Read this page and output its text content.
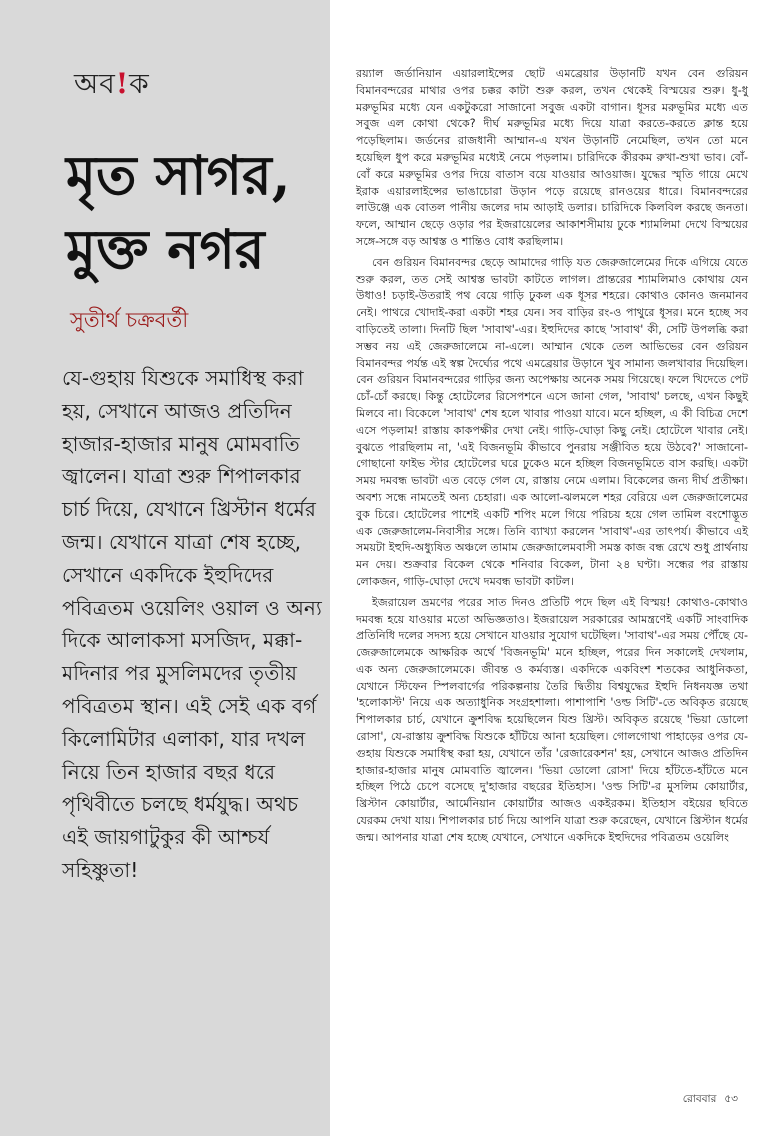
অব!ক
মৃত সাগর,
মুক্ত নগর
সুতীর্থ চক্রবর্তী
যে-গুহায় যিশুকে সমাধিস্থ করা হয়, সেখানে আজও প্রতিদিন হাজার-হাজার মানুষ মোমবাতি জ্বালেন। যাত্রা শুরু শিপালকার চার্চ দিয়ে, যেখানে খ্রিস্টান ধর্মের জন্ম। যেখানে যাত্রা শেষ হচ্ছে, সেখানে একদিকে ইহুদিদের পবিত্রতম ওয়েলিং ওয়াল ও অন্য দিকে আলাকসা মসজিদ, মক্কা-মদিনার পর মুসলিমদের তৃতীয় পবিত্রতম স্থান। এই সেই এক বর্গ কিলোমিটার এলাকা, যার দখল নিয়ে তিন হাজার বছর ধরে পৃথিবীতে চলছে ধর্মযুদ্ধ। অথচ এই জায়গাটুকুর কী আশ্চর্য সহিষ্ণুতা!

রয়্যাল জর্ডানিয়ান এয়ারলাইন্সের ছোট এমব্রেয়ার উড়ানটি যখন বেন গুরিয়ন বিমানবন্দরের মাথার ওপর চক্কর কাটা শুরু করল, তখন থেকেই বিস্ময়ের শুরু। ধু-ধু মরুভূমির মধ্যে যেন একটুকরো সাজানো সবুজ একটা বাগান। ধূসর মরুভূমির মধ্যে এত সবুজ এল কোথা থেকে? দীর্ঘ মরুভূমির মধ্যে দিয়ে যাত্রা করতে-করতে ক্লান্ত হয়ে পড়েছিলাম। জর্ডনের রাজধানী আম্মান-এ যখন উড়ানটি নেমেছিল, তখন তো মনে হয়েছিল ধুপ করে মরুভূমির মধ্যেই নেমে পড়লাম। চারিদিকে কীরকম রুখা-শুখা ভাব। বোঁ-বোঁ করে মরুভূমির ওপর দিয়ে বাতাস বয়ে যাওয়ার আওয়াজ। যুদ্ধের স্মৃতি গায়ে মেখে ইরাক এয়ারলাইন্সের ভাঙাচোরা উড়ান পড়ে রয়েছে রানওয়ের ধারে। বিমানবন্দরের লাউঞ্জে এক বোতল পানীয় জলের দাম আড়াই ডলার। চারিদিকে কিলবিল করছে জনতা। ফলে, আম্মান ছেড়ে ওড়ার পর ইজরায়েলের আকাশসীমায় ঢুকে শ্যামলিমা দেখে বিস্ময়ের সঙ্গে-সঙ্গে বড় আশ্বস্ত ও শান্তিও বোধ করছিলাম।

বেন গুরিয়ন বিমানবন্দর ছেড়ে আমাদের গাড়ি যত জেরুজালেমের দিকে এগিয়ে যেতে শুরু করল, তত সেই আশ্বস্ত ভাবটা কাটতে লাগল। প্রান্তরের শ্যামলিমাও কোথায় যেন উধাও! চড়াই-উতরাই পথ বেয়ে গাড়ি ঢুকল এক ধূসর শহরে। কোথাও কোনও জনমানব নেই। পাথরে খোদাই-করা একটা শহর যেন। সব বাড়ির রং-ও পাথুরে ধূসর। মনে হচ্ছে সব বাড়িতেই তালা। দিনটি ছিল 'সাবাথ'-এর। ইহুদিদের কাছে 'সাবাথ' কী, সেটি উপলব্ধি করা সম্ভব নয় এই জেরুজালেমে না-এলে। আম্মান থেকে তেল আভিভের বেন গুরিয়ন বিমানবন্দর পর্যন্ত এই স্বল্প দৈর্ঘ্যের পথে এমব্রেয়ার উড়ানে খুব সামান্য জলখাবার দিয়েছিল। বেন গুরিয়ন বিমানবন্দরের গাড়ির জন্য অপেক্ষায় অনেক সময় গিয়েছে। ফলে খিদেতে পেট চোঁ-চোঁ করছে। কিন্তু হোটেলের রিসেপশনে এসে জানা গেল, 'সাবাথ' চলছে, এখন কিছুই মিলবে না। বিকেলে 'সাবাথ' শেষ হলে খাবার পাওয়া যাবে। মনে হচ্ছিল, এ কী বিচিত্র দেশে এসে পড়লাম! রাস্তায় কাকপক্ষীর দেখা নেই। গাড়ি-ঘোড়া কিছু নেই। হোটেলে খাবার নেই। বুঝতে পারছিলাম না, 'এই বিজনভূমি কীভাবে পুনরায় সঞ্জীবিত হয়ে উঠবে?' সাজানো-গোছানো ফাইভ স্টার হোটেলের ঘরে ঢুকেও মনে হচ্ছিল বিজনভূমিতে বাস করছি। একটা সময় দমবন্ধ ভাবটা এত বেড়ে গেল যে, রাস্তায় নেমে এলাম। বিকেলের জন্য দীর্ঘ প্রতীক্ষা। অবশ্য সন্ধে নামতেই অন্য চেহারা। এক আলো-ঝলমলে শহর বেরিয়ে এল জেরুজালেমের বুক চিরে। হোটেলের পাশেই একটি শপিং মলে গিয়ে পরিচয় হয়ে গেল তামিল বংশোদ্ভূত এক জেরুজালেম-নিবাসীর সঙ্গে। তিনি ব্যাখ্যা করলেন 'সাবাথ'-এর তাৎপর্য। কীভাবে এই সময়টা ইহুদি-অধ্যুষিত অঞ্চলে তামাম জেরুজালেমবাসী সমস্ত কাজ বন্ধ রেখে শুধু প্রার্থনায় মন দেয়। শুক্রবার বিকেল থেকে শনিবার বিকেল, টানা ২৪ ঘণ্টা। সন্ধের পর রাস্তায় লোকজন, গাড়ি-ঘোড়া দেখে দমবন্ধ ভাবটা কাটল।

ইজরায়েল ভ্রমণের পরের সাত দিনও প্রতিটি পদে ছিল এই বিস্ময়! কোথাও-কোথাও দমবন্ধ হয়ে যাওয়ার মতো অভিজ্ঞতাও। ইজরায়েল সরকারের আমন্ত্রণেই একটি সাংবাদিক প্রতিনিধি দলের সদস্য হয়ে সেখানে যাওয়ার সুযোগ ঘটেছিল। 'সাবাথ'-এর সময় পৌঁছে যে-জেরুজালেমকে আক্ষরিক অর্থে 'বিজনভূমি' মনে হচ্ছিল, পরের দিন সকালেই দেখলাম, এক অন্য জেরুজালেমকে। জীবন্ত ও কর্মব্যস্ত। একদিকে একবিংশ শতকের আধুনিকতা, যেখানে স্টিফেন স্পিলবার্গের পরিকল্পনায় তৈরি দ্বিতীয় বিশ্বযুদ্ধের ইহুদি নিধনযজ্ঞ তথা 'হলোকাস্ট' নিয়ে এক অত্যাধুনিক সংগ্রহশালা। পাশাপাশি 'ওল্ড সিটি'-তে অবিকৃত রয়েছে শিপালকার চার্চ, যেখানে ক্রুশবিদ্ধ হয়েছিলেন যিশু খ্রিস্ট। অবিকৃত রয়েছে 'ভিয়া ডোলো রোসা', যে-রাস্তায় ক্রুশবিদ্ধ যিশুকে হাঁটিয়ে আনা হয়েছিল। গোলগোথা পাহাড়ের ওপর যে-গুহায় যিশুকে সমাধিস্থ করা হয়, যেখানে তাঁর 'রেজারেকশন' হয়, সেখানে আজও প্রতিদিন হাজার-হাজার মানুষ মোমবাতি জ্বালেন। 'ভিয়া ডোলো রোসা' দিয়ে হাঁটতে-হাঁটতে মনে হচ্ছিল পিঠে চেপে বসেছে দু'হাজার বছরের ইতিহাস। 'ওল্ড সিটি'-র মুসলিম কোয়ার্টার, খ্রিস্টান কোয়ার্টার, আর্মেনিয়ান কোয়ার্টার আজও একইরকম। ইতিহাস বইয়ের ছবিতে যেরকম দেখা যায়। শিপালকার চার্চ দিয়ে আপনি যাত্রা শুরু করেছেন, যেখানে খ্রিস্টান ধর্মের জন্ম। আপনার যাত্রা শেষ হচ্ছে যেখানে, সেখানে একদিকে ইহুদিদের পবিত্রতম ওয়েলিং

রোববার ৫৩
